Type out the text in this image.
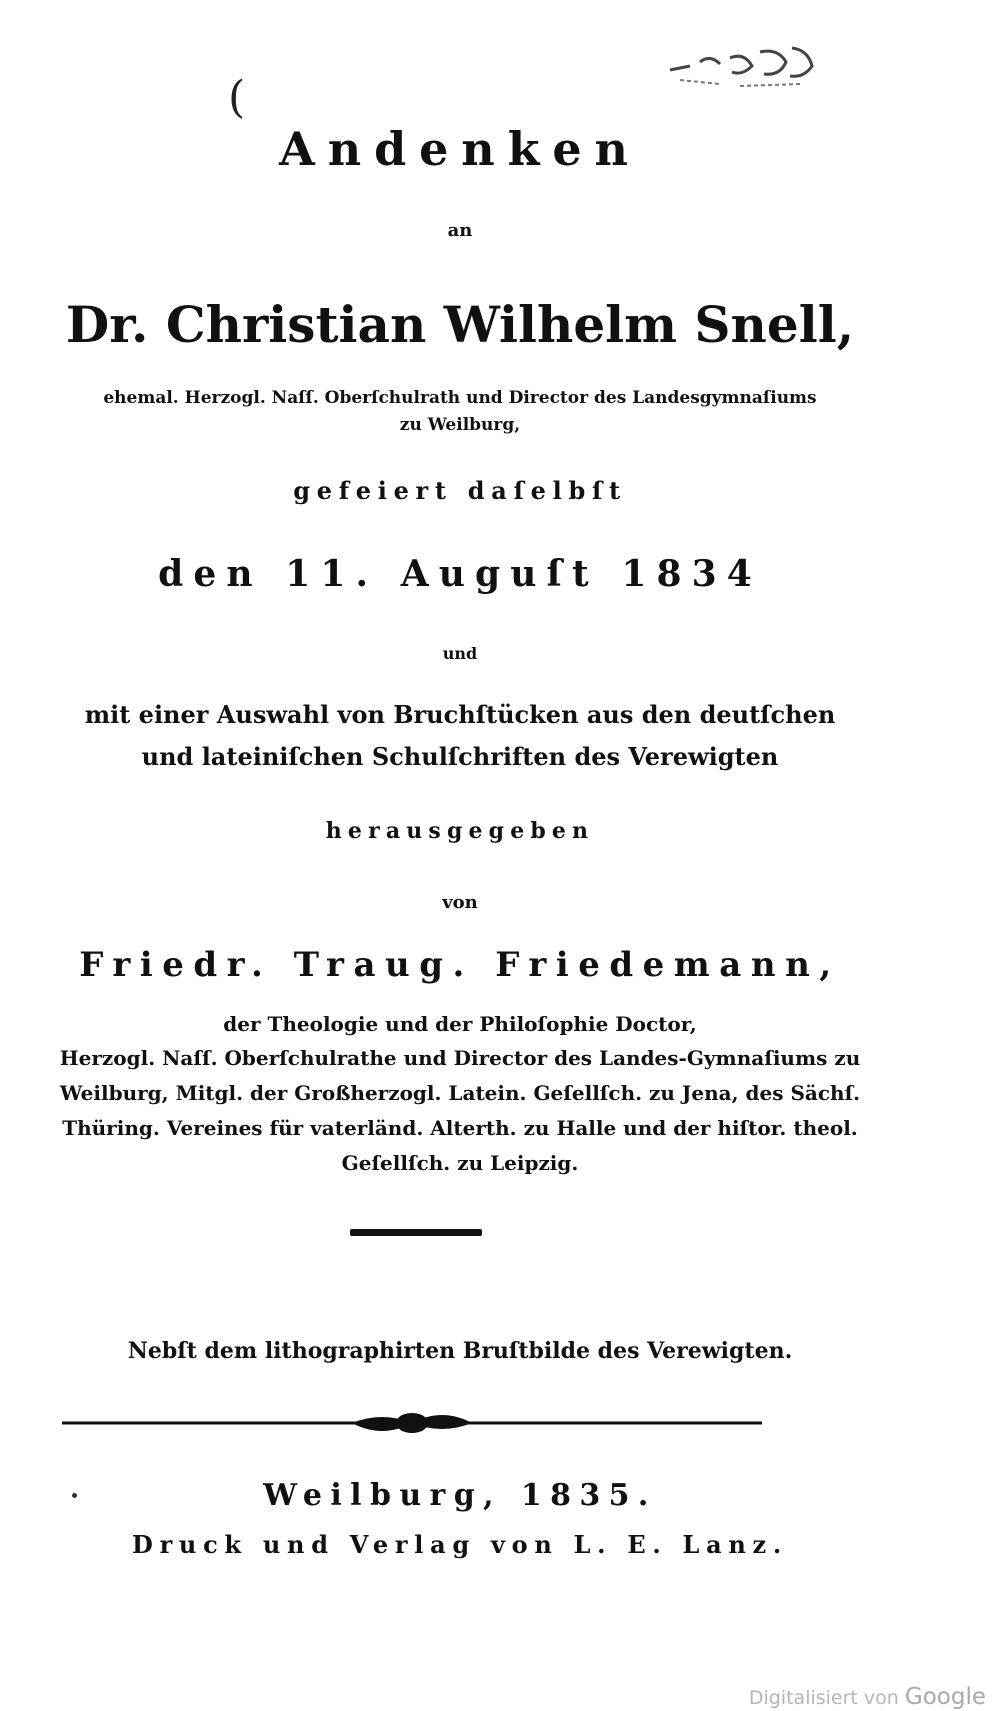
(
Andenken
an
Dr. Christian Wilhelm Snell,
ehemal. Herzogl. Naſſ. Oberſchulrath und Director des Landesgymnaſiums
zu Weilburg,
gefeiert daſelbſt
den 11. Auguſt 1834
und
mit einer Auswahl von Bruchſtücken aus den deutſchen
und lateiniſchen Schulſchriften des Verewigten
herausgegeben
von
Friedr. Traug. Friedemann,
der Theologie und der Philoſophie Doctor,
Herzogl. Naſſ. Oberſchulrathe und Director des Landes-Gymnaſiums zu
Weilburg, Mitgl. der Großherzogl. Latein. Geſellſch. zu Jena, des Sächſ.
Thüring. Vereines für vaterländ. Alterth. zu Halle und der hiſtor. theol.
Geſellſch. zu Leipzig.
Nebſt dem lithographirten Bruſtbilde des Verewigten.
Weilburg, 1835.
Druck und Verlag von L. E. Lanz.
Digitalisiert von Google
